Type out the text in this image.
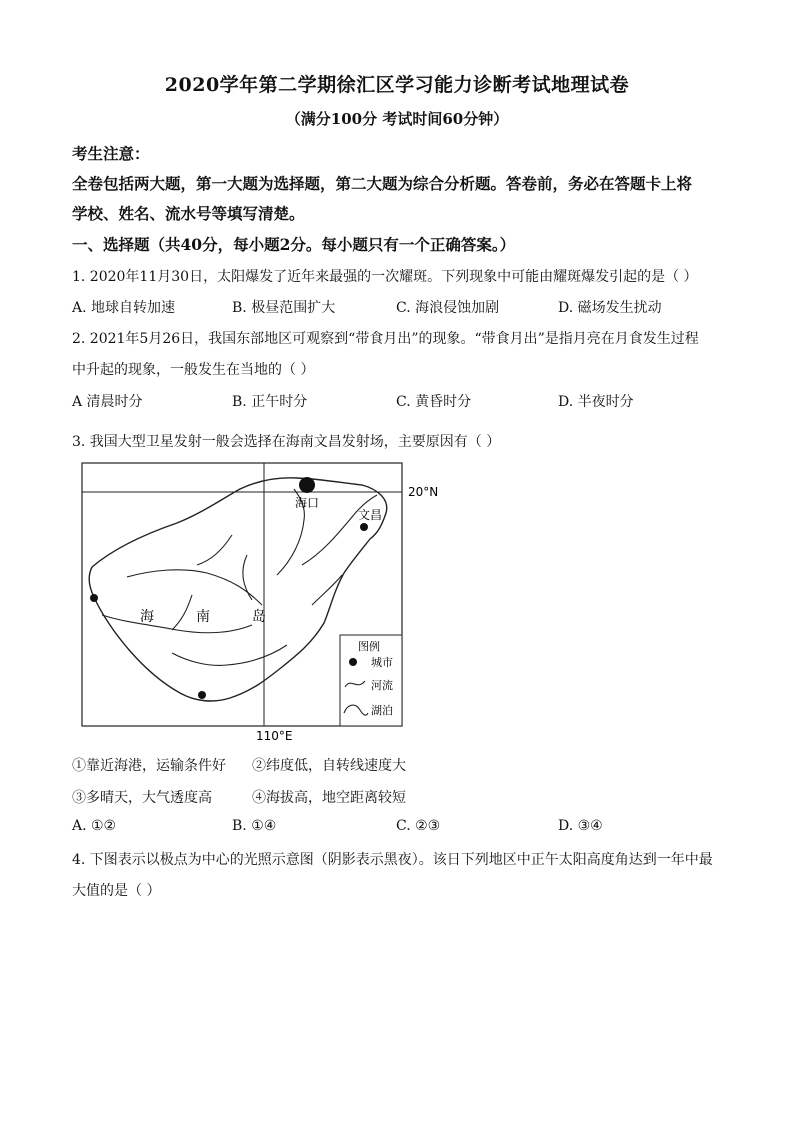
2020学年第二学期徐汇区学习能力诊断考试地理试卷
（满分100分 考试时间60分钟）
考生注意：
全卷包括两大题，第一大题为选择题，第二大题为综合分析题。答卷前，务必在答题卡上将
学校、姓名、流水号等填写清楚。
一、选择题（共40分，每小题2分。每小题只有一个正确答案。）
1. 2020年11月30日，太阳爆发了近年来最强的一次耀斑。下列现象中可能由耀斑爆发引起的是（ ）
A. 地球自转加速	B. 极昼范围扩大	C. 海浪侵蚀加剧	D. 磁场发生扰动
2. 2021年5月26日，我国东部地区可观察到“带食月出”的现象。“带食月出”是指月亮在月食发生过程
中升起的现象，一般发生在当地的（ ）
A 清晨时分	B. 正午时分	C. 黄昏时分	D. 半夜时分
3. 我国大型卫星发射一般会选择在海南文昌发射场，主要原因有（ ）
海口
文昌
20°N
110°E
海	南	岛
图例
城市
河流
湖泊
①靠近海港，运输条件好 ②纬度低，自转线速度大
③多晴天，大气透度高	④海拔高，地空距离较短
A. ①②	B. ①④	C. ②③	D. ③④
4. 下图表示以极点为中心的光照示意图（阴影表示黑夜）。该日下列地区中正午太阳高度角达到一年中最
大值的是（ ）
